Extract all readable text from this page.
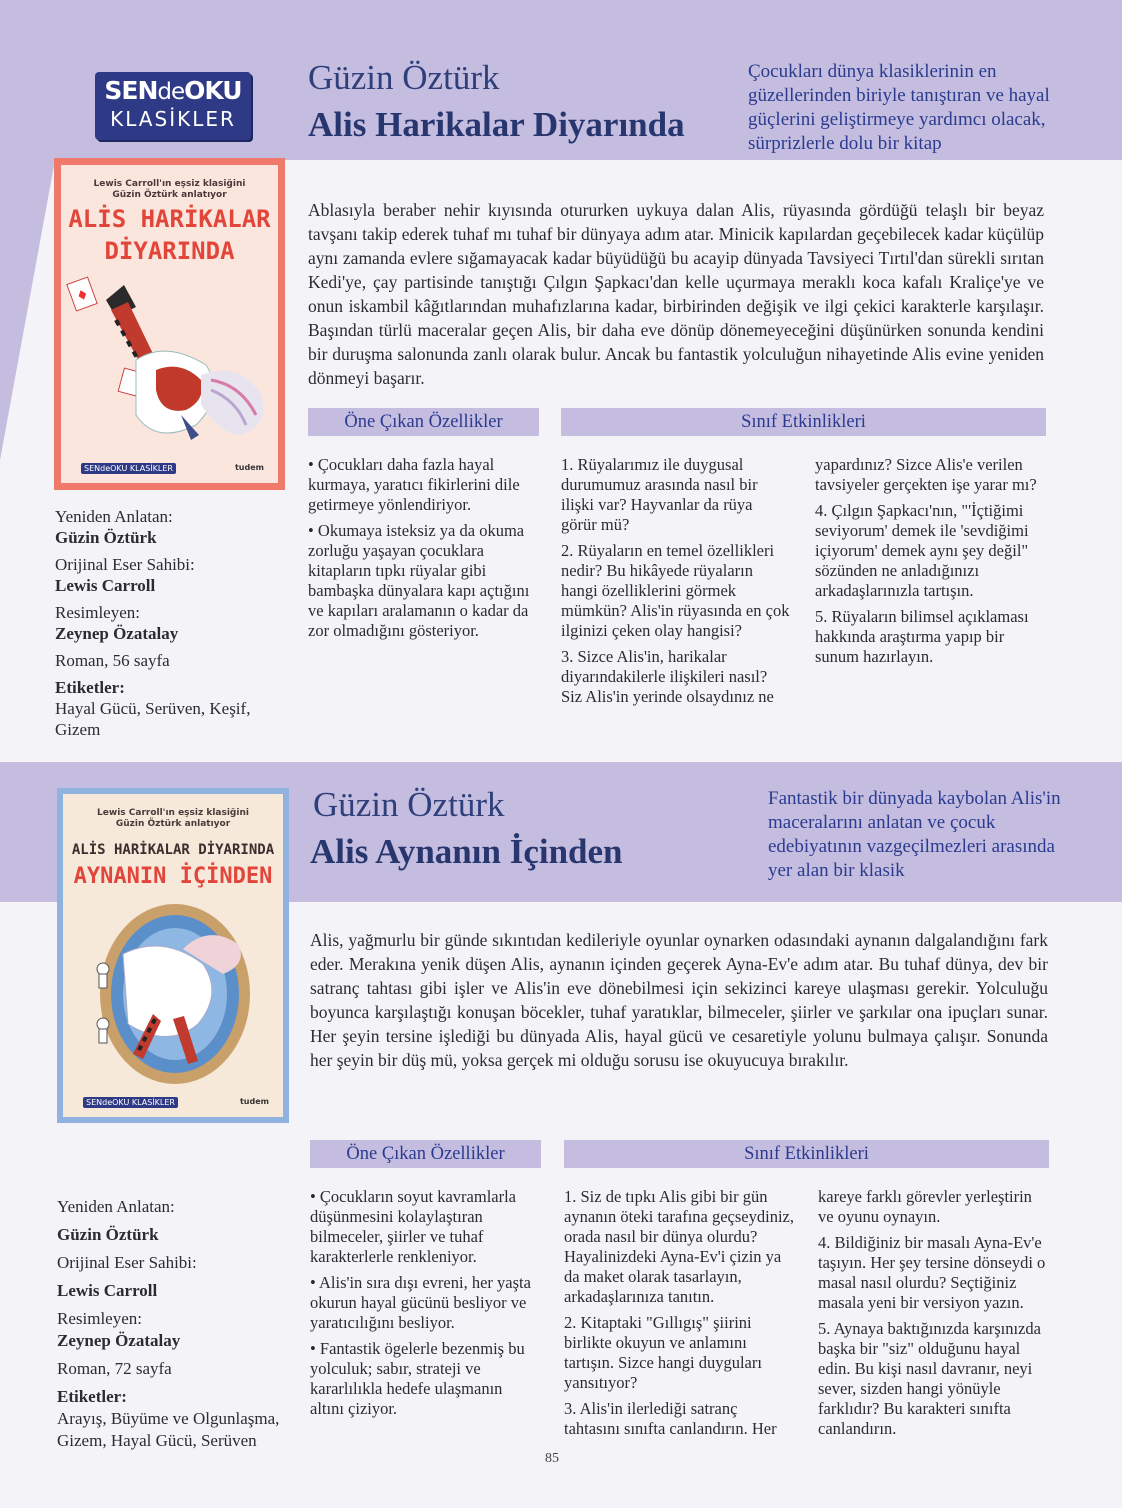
SENdeOKU
KLASİKLER
Güzin Öztürk
Alis Harikalar Diyarında
Çocukları dünya klasiklerinin en güzellerinden biriyle tanıştıran ve hayal güçlerini geliştirmeye yardımcı olacak, sürprizlerle dolu bir kitap
Lewis Carroll'ın eşsiz klasiğini
Güzin Öztürk anlatıyor
ALİS HARİKALAR
DİYARINDA
SENdeOKU KLASİKLER	tudem
Ablasıyla beraber nehir kıyısında otururken uykuya dalan Alis, rüyasında gördüğü telaşlı bir beyaz tavşanı takip ederek tuhaf mı tuhaf bir dünyaya adım atar. Minicik kapılardan geçebilecek kadar küçülüp aynı zamanda evlere sığamayacak kadar büyüdüğü bu acayip dünyada Tavsiyeci Tırtıl'dan sürekli sırıtan Kedi'ye, çay partisinde tanıştığı Çılgın Şapkacı'dan kelle uçurmaya meraklı koca kafalı Kraliçe'ye ve onun iskambil kâğıtlarından muhafızlarına kadar, birbirinden değişik ve ilgi çekici karakterle karşılaşır. Başından türlü maceralar geçen Alis, bir daha eve dönüp dönemeyeceğini düşünürken sonunda kendini bir duruşma salonunda zanlı olarak bulur. Ancak bu fantastik yolculuğun nihayetinde Alis evine yeniden dönmeyi başarır.
Öne Çıkan Özellikler	Sınıf Etkinlikleri

• Çocukları daha fazla hayal kurmaya, yaratıcı fikirlerini dile getirmeye yönlendiriyor.

• Okumaya isteksiz ya da okuma zorluğu yaşayan çocuklara kitapların tıpkı rüyalar gibi bambaşka dünyalara kapı açtığını ve kapıları aralamanın o kadar da zor olmadığını gösteriyor.

1. Rüyalarımız ile duygusal durumumuz arasında nasıl bir ilişki var? Hayvanlar da rüya görür mü?

2. Rüyaların en temel özellikleri nedir? Bu hikâyede rüyaların hangi özelliklerini görmek mümkün? Alis'in rüyasında en çok ilginizi çeken olay hangisi?

3. Sizce Alis'in, harikalar diyarındakilerle ilişkileri nasıl? Siz Alis'in yerinde olsaydınız ne

yapardınız? Sizce Alis'e verilen tavsiyeler gerçekten işe yarar mı?

4. Çılgın Şapkacı'nın, "'İçtiğimi seviyorum' demek ile 'sevdiğimi içiyorum' demek aynı şey değil" sözünden ne anladığınızı arkadaşlarınızla tartışın.

5. Rüyaların bilimsel açıklaması hakkında araştırma yapıp bir sunum hazırlayın.

Yeniden Anlatan:
Güzin Öztürk
Orijinal Eser Sahibi:
Lewis Carroll
Resimleyen:
Zeynep Özatalay
Roman, 56 sayfa
Etiketler:
Hayal Gücü, Serüven, Keşif, Gizem
Güzin Öztürk
Alis Aynanın İçinden
Fantastik bir dünyada kaybolan Alis'in maceralarını anlatan ve çocuk edebiyatının vazgeçilmezleri arasında yer alan bir klasik
Lewis Carroll'ın eşsiz klasiğini
Güzin Öztürk anlatıyor
ALİS HARİKALAR DİYARINDA
AYNANIN İÇİNDEN
SENdeOKU KLASİKLER	tudem
Alis, yağmurlu bir günde sıkıntıdan kedileriyle oyunlar oynarken odasındaki aynanın dalgalandığını fark eder. Merakına yenik düşen Alis, aynanın içinden geçerek Ayna-Ev'e adım atar. Bu tuhaf dünya, dev bir satranç tahtası gibi işler ve Alis'in eve dönebilmesi için sekizinci kareye ulaşması gerekir. Yolculuğu boyunca karşılaştığı konuşan böcekler, tuhaf yaratıklar, bilmeceler, şiirler ve şarkılar ona ipuçları sunar. Her şeyin tersine işlediği bu dünyada Alis, hayal gücü ve cesaretiyle yolunu bulmaya çalışır. Sonunda her şeyin bir düş mü, yoksa gerçek mi olduğu sorusu ise okuyucuya bırakılır.
Öne Çıkan Özellikler	Sınıf Etkinlikleri

• Çocukların soyut kavramlarla düşünmesini kolaylaştıran bilmeceler, şiirler ve tuhaf karakterlerle renkleniyor.

• Alis'in sıra dışı evreni, her yaşta okurun hayal gücünü besliyor ve yaratıcılığını besliyor.

• Fantastik ögelerle bezenmiş bu yolculuk; sabır, strateji ve kararlılıkla hedefe ulaşmanın altını çiziyor.

1. Siz de tıpkı Alis gibi bir gün aynanın öteki tarafına geçseydiniz, orada nasıl bir dünya olurdu? Hayalinizdeki Ayna-Ev'i çizin ya da maket olarak tasarlayın, arkadaşlarınıza tanıtın.

2. Kitaptaki "Gıllıgış" şiirini birlikte okuyun ve anlamını tartışın. Sizce hangi duyguları yansıtıyor?

3. Alis'in ilerlediği satranç tahtasını sınıfta canlandırın. Her

kareye farklı görevler yerleştirin ve oyunu oynayın.

4. Bildiğiniz bir masalı Ayna-Ev'e taşıyın. Her şey tersine dönseydi o masal nasıl olurdu? Seçtiğiniz masala yeni bir versiyon yazın.

5. Aynaya baktığınızda karşınızda başka bir "siz" olduğunu hayal edin. Bu kişi nasıl davranır, neyi sever, sizden hangi yönüyle farklıdır? Bu karakteri sınıfta canlandırın.

Yeniden Anlatan:
Güzin Öztürk
Orijinal Eser Sahibi:
Lewis Carroll
Resimleyen:
Zeynep Özatalay
Roman, 72 sayfa
Etiketler:
Arayış, Büyüme ve Olgunlaşma, Gizem, Hayal Gücü, Serüven
85
